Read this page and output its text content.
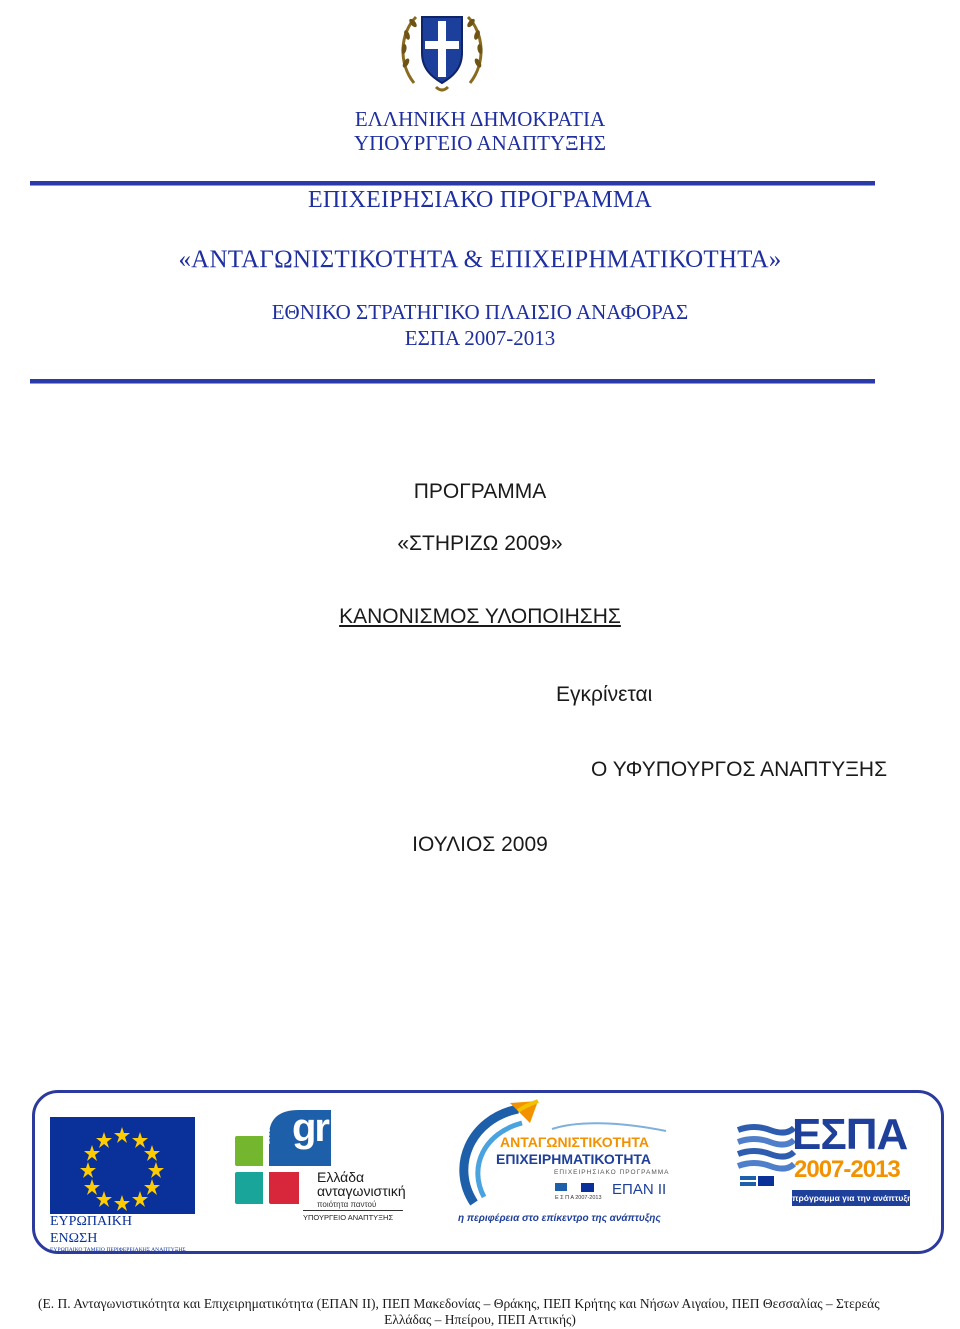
ΕΛΛΗΝΙΚΗ ΔΗΜΟΚΡΑΤΙΑ
ΥΠΟΥΡΓΕΙΟ ΑΝΑΠΤΥΞΗΣ
ΕΠΙΧΕΙΡΗΣΙΑΚΟ ΠΡΟΓΡΑΜΜΑ
«ΑΝΤΑΓΩΝΙΣΤΙΚΟΤΗΤΑ & ΕΠΙΧΕΙΡΗΜΑΤΙΚΟΤΗΤΑ»
ΕΘΝΙΚΟ ΣΤΡΑΤΗΓΙΚΟ ΠΛΑΙΣΙΟ ΑΝΑΦΟΡΑΣ
ΕΣΠΑ 2007-2013
ΠΡΟΓΡΑΜΜΑ
«ΣΤΗΡΙΖΩ 2009»
ΚΑΝΟΝΙΣΜΟΣ ΥΛΟΠΟΙΗΣΗΣ
Εγκρίνεται
Ο ΥΦΥΠΟΥΡΓΟΣ ΑΝΑΠΤΥΞΗΣ
ΙΟΥΛΙΟΣ 2009
ΕΥΡΩΠΑΙΚΗ
ΕΝΩΣΗ
ΕΥΡΩΠΑΙΚΟ ΤΑΜΕΙΟ ΠΕΡΙΦΕΡΕΙΑΚΗΣ ΑΝΑΠΤΥΞΗΣ
gr
2005 2010
Ελλάδα
ανταγωνιστική
ποιότητα παντού
ΥΠΟΥΡΓΕΙΟ ΑΝΑΠΤΥΞΗΣ
ΑΝΤΑΓΩΝΙΣΤΙΚΟΤΗΤΑ
ΕΠΙΧΕΙΡΗΜΑΤΙΚΟΤΗΤΑ
ΕΠΙΧΕΙΡΗΣΙΑΚΟ ΠΡΟΓΡΑΜΜΑ
Ε Σ Π Α 2007-2013 ΕΠΑΝ ΙΙ
η περιφέρεια στο επίκεντρο της ανάπτυξης
ΕΣΠΑ
2007-2013
πρόγραμμα για την ανάπτυξη
(Ε. Π. Ανταγωνιστικότητα και Επιχειρηματικότητα (ΕΠΑΝ ΙΙ), ΠΕΠ Μακεδονίας – Θράκης, ΠΕΠ Κρήτης και Νήσων Αιγαίου, ΠΕΠ Θεσσαλίας – Στερεάς
Ελλάδας – Ηπείρου, ΠΕΠ Αττικής)
